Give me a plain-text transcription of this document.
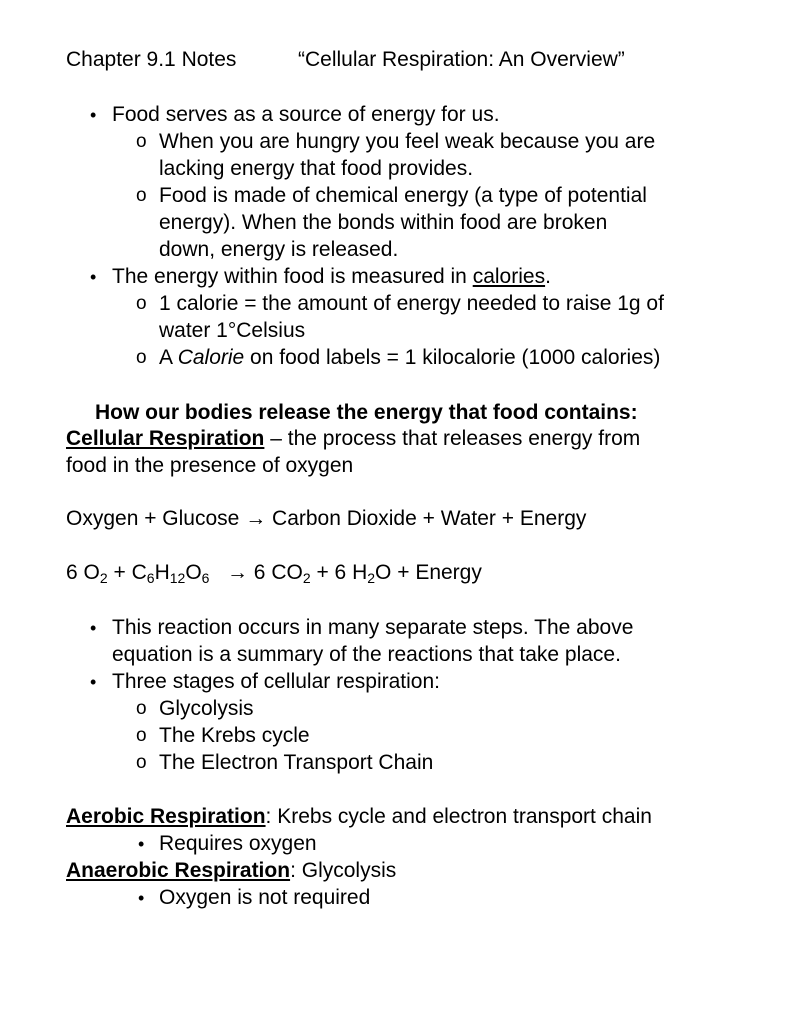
Chapter 9.1 Notes	“Cellular Respiration: An Overview”
• Food serves as a source of energy for us.
o When you are hungry you feel weak because you are
lacking energy that food provides.
o Food is made of chemical energy (a type of potential
energy). When the bonds within food are broken
down, energy is released.
• The energy within food is measured in calories.
o 1 calorie = the amount of energy needed to raise 1g of
water 1°Celsius
o A Calorie on food labels = 1 kilocalorie (1000 calories)
How our bodies release the energy that food contains:
Cellular Respiration – the process that releases energy from
food in the presence of oxygen
Oxygen + Glucose → Carbon Dioxide + Water + Energy
6 $O_2 + C_6H_{12}O_6 \to 6$ $CO_2 + 6$ $H_2O$ + Energy
• This reaction occurs in many separate steps. The above
equation is a summary of the reactions that take place.
• Three stages of cellular respiration:
o Glycolysis
o The Krebs cycle
o The Electron Transport Chain
Aerobic Respiration: Krebs cycle and electron transport chain
• Requires oxygen
Anaerobic Respiration: Glycolysis
• Oxygen is not required
